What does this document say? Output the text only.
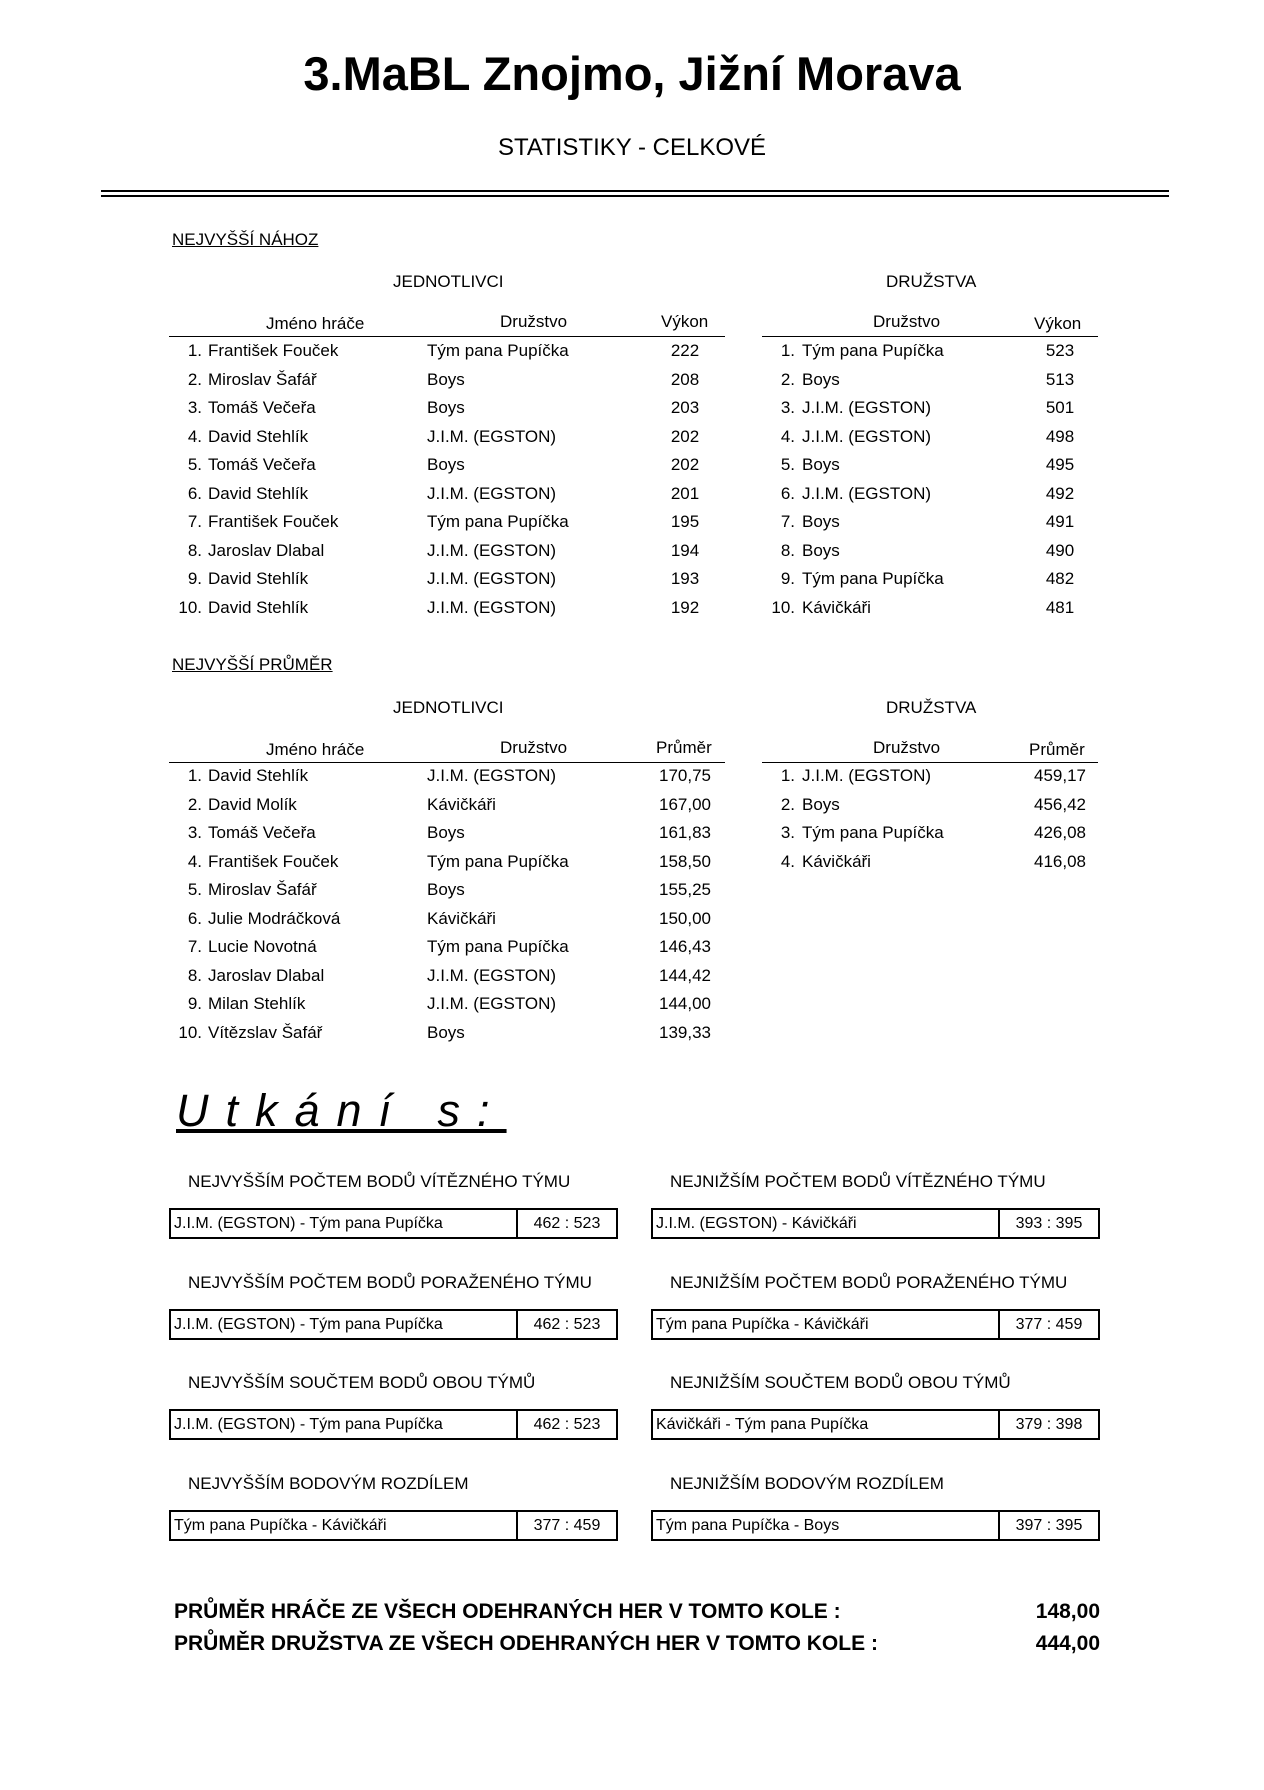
3.MaBL Znojmo, Jižní Morava
STATISTIKY - CELKOVÉ
NEJVYŠŠÍ NÁHOZ
JEDNOTLIVCI	DRUŽSTVA
Jméno hráče	Družstvo	Výkon	Družstvo	Výkon
1. František Fouček	Tým pana Pupíčka	222
2. Miroslav Šafář	Boys	208
3. Tomáš Večeřa	Boys	203
4. David Stehlík	J.I.M. (EGSTON)	202
5. Tomáš Večeřa	Boys	202
6. David Stehlík	J.I.M. (EGSTON)	201
7. František Fouček	Tým pana Pupíčka	195
8. Jaroslav Dlabal	J.I.M. (EGSTON)	194
9. David Stehlík	J.I.M. (EGSTON)	193
10. David Stehlík	J.I.M. (EGSTON)	192
1. Tým pana Pupíčka	523
2. Boys	513
3. J.I.M. (EGSTON)	501
4. J.I.M. (EGSTON)	498
5. Boys	495
6. J.I.M. (EGSTON)	492
7. Boys	491
8. Boys	490
9. Tým pana Pupíčka	482
10. Kávičkáři	481
NEJVYŠŠÍ PRŮMĚR
JEDNOTLIVCI	DRUŽSTVA
Jméno hráče	Družstvo	Průměr	Družstvo	Průměr
1. David Stehlík	J.I.M. (EGSTON)	170,75
2. David Molík	Kávičkáři	167,00
3. Tomáš Večeřa	Boys	161,83
4. František Fouček	Tým pana Pupíčka	158,50
5. Miroslav Šafář	Boys	155,25
6. Julie Modráčková	Kávičkáři	150,00
7. Lucie Novotná	Tým pana Pupíčka	146,43
8. Jaroslav Dlabal	J.I.M. (EGSTON)	144,42
9. Milan Stehlík	J.I.M. (EGSTON)	144,00
10. Vítězslav Šafář	Boys	139,33
1. J.I.M. (EGSTON)	459,17
2. Boys	456,42
3. Tým pana Pupíčka	426,08
4. Kávičkáři	416,08
Utkání s:
NEJVYŠŠÍM POČTEM BODŮ VÍTĚZNÉHO TÝMU
J.I.M. (EGSTON) - Tým pana Pupíčka	462 : 523
NEJNIŽŠÍM POČTEM BODŮ VÍTĚZNÉHO TÝMU
J.I.M. (EGSTON) - Kávičkáři	393 : 395
NEJVYŠŠÍM POČTEM BODŮ PORAŽENÉHO TÝMU
J.I.M. (EGSTON) - Tým pana Pupíčka	462 : 523
NEJNIŽŠÍM POČTEM BODŮ PORAŽENÉHO TÝMU
Tým pana Pupíčka - Kávičkáři	377 : 459
NEJVYŠŠÍM SOUČTEM BODŮ OBOU TÝMŮ
J.I.M. (EGSTON) - Tým pana Pupíčka	462 : 523
NEJNIŽŠÍM SOUČTEM BODŮ OBOU TÝMŮ
Kávičkáři - Tým pana Pupíčka	379 : 398
NEJVYŠŠÍM BODOVÝM ROZDÍLEM
Tým pana Pupíčka - Kávičkáři	377 : 459
NEJNIŽŠÍM BODOVÝM ROZDÍLEM
Tým pana Pupíčka - Boys	397 : 395
PRŮMĚR HRÁČE ZE VŠECH ODEHRANÝCH HER V TOMTO KOLE :	148,00
PRŮMĚR DRUŽSTVA ZE VŠECH ODEHRANÝCH HER V TOMTO KOLE :	444,00
